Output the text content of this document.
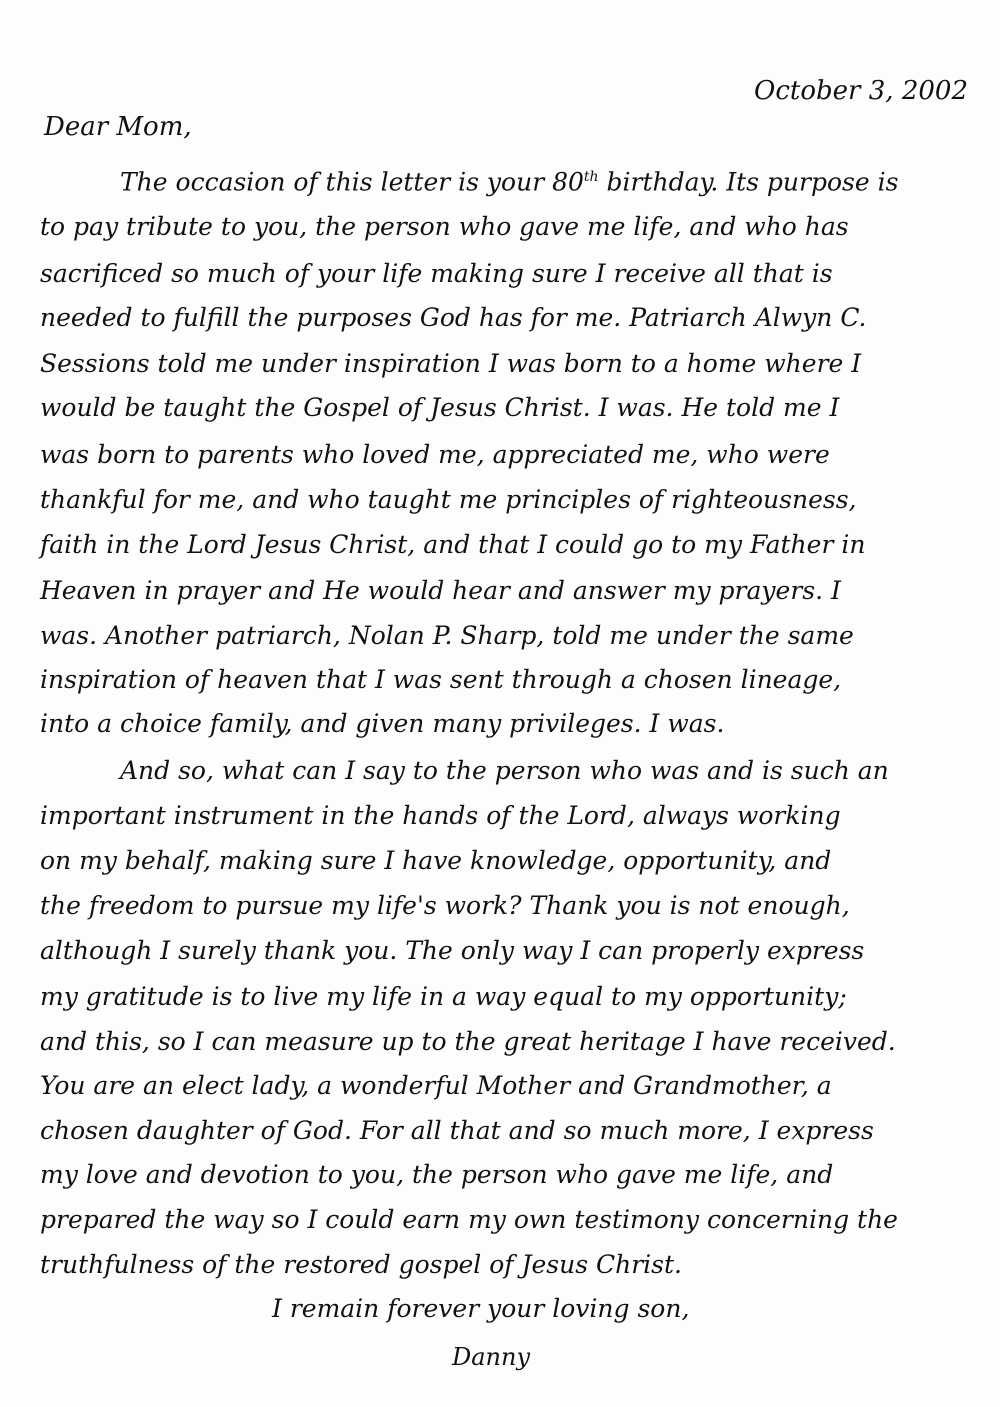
October 3, 2002
Dear Mom,
The occasion of this letter is your 80th birthday. Its purpose is
to pay tribute to you, the person who gave me life, and who has
sacrificed so much of your life making sure I receive all that is
needed to fulfill the purposes God has for me. Patriarch Alwyn C.
Sessions told me under inspiration I was born to a home where I
would be taught the Gospel of Jesus Christ. I was. He told me I
was born to parents who loved me, appreciated me, who were
thankful for me, and who taught me principles of righteousness,
faith in the Lord Jesus Christ, and that I could go to my Father in
Heaven in prayer and He would hear and answer my prayers. I
was. Another patriarch, Nolan P. Sharp, told me under the same
inspiration of heaven that I was sent through a chosen lineage,
into a choice family, and given many privileges. I was.
And so, what can I say to the person who was and is such an
important instrument in the hands of the Lord, always working
on my behalf, making sure I have knowledge, opportunity, and
the freedom to pursue my life's work? Thank you is not enough,
although I surely thank you. The only way I can properly express
my gratitude is to live my life in a way equal to my opportunity;
and this, so I can measure up to the great heritage I have received.
You are an elect lady, a wonderful Mother and Grandmother, a
chosen daughter of God. For all that and so much more, I express
my love and devotion to you, the person who gave me life, and
prepared the way so I could earn my own testimony concerning the
truthfulness of the restored gospel of Jesus Christ.
I remain forever your loving son,
Danny
